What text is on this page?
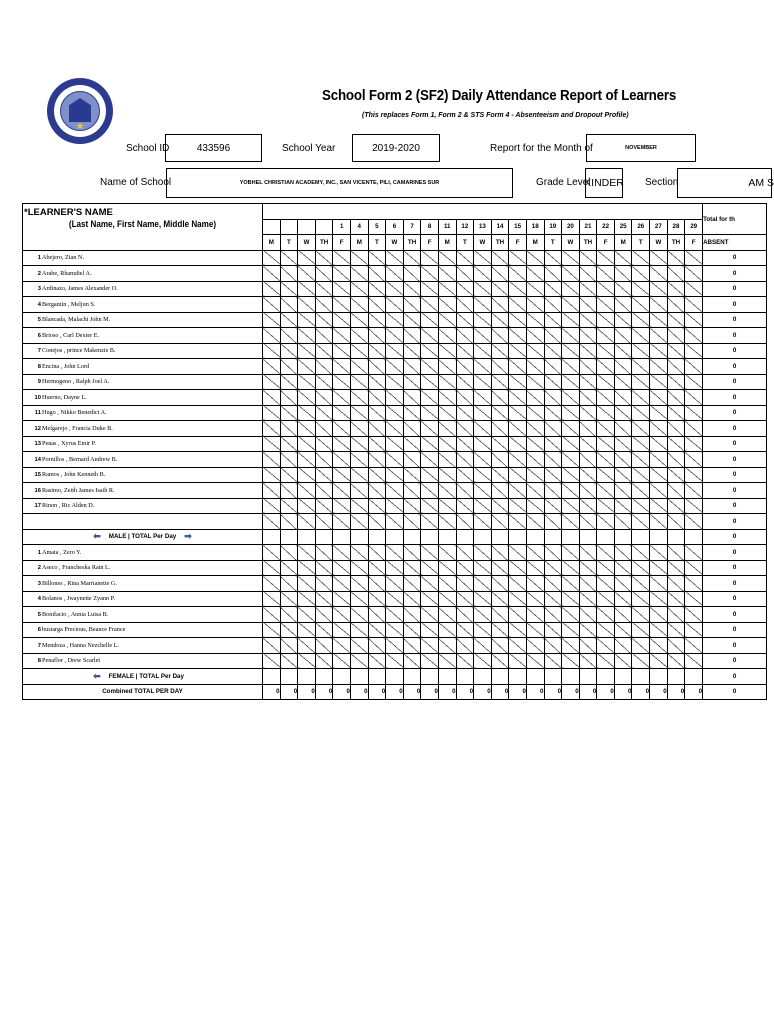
School Form 2 (SF2) Daily Attendance Report of Learners
(This replaces Form 1, Form 2 & STS Form 4 - Absenteeism and Dropout Profile)
School ID	433596	School Year	2019-2020	Report for the Month of	NOVEMBER
Name of School	YOBHEL CHRISTIAN ACADEMY, INC., SAN VICENTE, PILI, CAMARINES SUR	Grade Level
KINDER Section	AM S
*LEARNER'S NAME
(Last Name, First Name, Middle Name)																										Total for th
					1	4	5	6	7	8	11	12	13	14	15	18	19	20	21	22	25	26	27	28	29	
	M	T	W	TH	F	M	T	W	TH	F	M	T	W	TH	F	M	T	W	TH	F	M	T	W	TH	F	ABSENT
1Abejero, Zian N.																										0
2Arabe, Rhamdiel A.																										0
3Ardinazo, James Alexander O.																										0
4Bergantin , Meljun S.																										0
5Blancada, Malachi John M.																										0
6Brioso , Carl Dexter E.																										0
7Conejos , prince Makenzie B.																										0
8Encina , John Lord																										0
9Hermogeno , Ralph Joel A.																										0
10Huerno, Dayne L.																										0
11Hugo , Nikko Benedict A.																										0
12Melgarejo , Francia Duke B.																										0
13Penas , Xyrus Emir P.																										0
14Pornillos , Bernard Andrew B.																										0
15Ramos , John Kenneth B.																										0
16Rasimo, Zeith James Isaih R.																										0
17Rinon , Ric Alden D.																										0
																										0
⬅ MALE | TOTAL Per Day ➡																										0
1Amata , Zero Y.																										0
2Aseco , Francheska Rain L.																										0
3Billones , Rina Marrianette G.																										0
4Bolanos , Jwaynette Zyann P.																										0
5Bonifacio , Annia Luisa B.																										0
6bustarga Precious, Beance France																										0
7Mendoza , Hanna Nezchelle L.																										0
8Penaflor , Drew Scarlet																										0
⬅ FEMALE | TOTAL Per Day																										0
Combined TOTAL PER DAY	0	0	0	0	0	0	0	0	0	0	0	0	0	0	0	0	0	0	0	0	0	0	0	0	0	0
